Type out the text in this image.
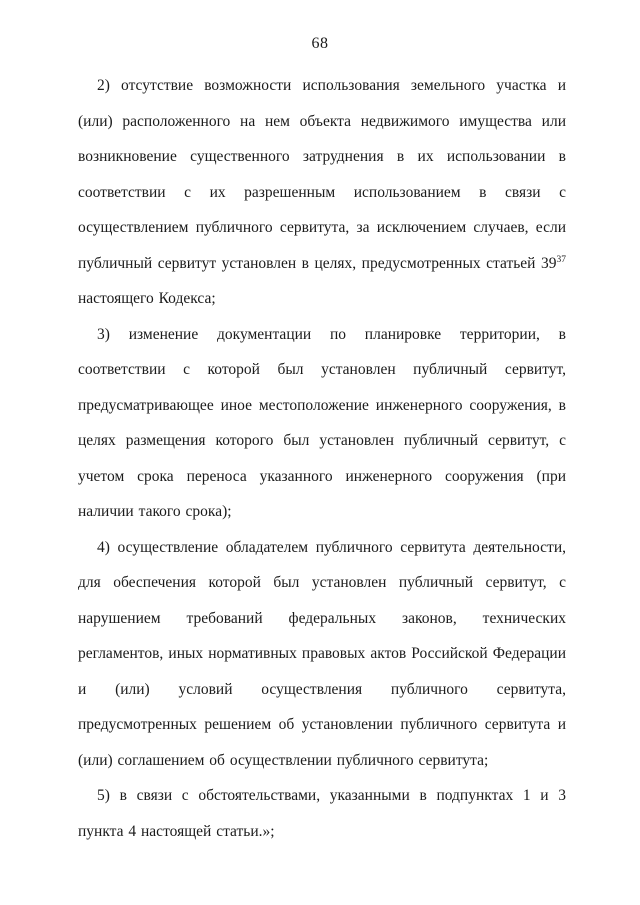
68

2) отсутствие возможности использования земельного участка и (или) расположенного на нем объекта недвижимого имущества или возникновение существенного затруднения в их использовании в соответствии с их разрешенным использованием в связи с осуществлением публичного сервитута, за исключением случаев, если публичный сервитут установлен в целях, предусмотренных статьей $39^{37}$ настоящего Кодекса;

3) изменение документации по планировке территории, в соответствии с которой был установлен публичный сервитут, предусматривающее иное местоположение инженерного сооружения, в целях размещения которого был установлен публичный сервитут, с учетом срока переноса указанного инженерного сооружения (при наличии такого срока);

4) осуществление обладателем публичного сервитута деятельности, для обеспечения которой был установлен публичный сервитут, с нарушением требований федеральных законов, технических регламентов, иных нормативных правовых актов Российской Федерации и (или) условий осуществления публичного сервитута, предусмотренных решением об установлении публичного сервитута и (или) соглашением об осуществлении публичного сервитута;

5) в связи с обстоятельствами, указанными в подпунктах 1 и 3 пункта 4 настоящей статьи.»;
